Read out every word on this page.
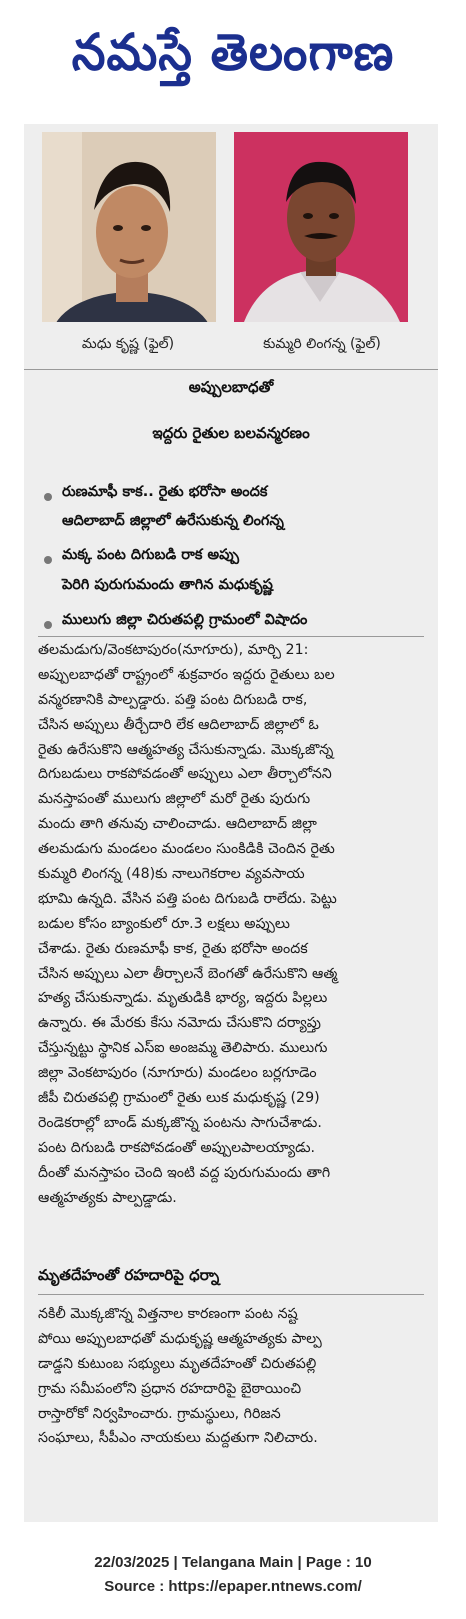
నమస్తే తెలంగాణ
మధు కృష్ణ (ఫైల్)	కుమ్మరి లింగన్న (ఫైల్)
అప్పులబాధతో
ఇద్దరు రైతుల బలవన్మరణం
రుణమాఫీ కాక.. రైతు భరోసా అందక
ఆదిలాబాద్ జిల్లాలో ఉరేసుకున్న లింగన్న
మక్క పంట దిగుబడి రాక అప్పు
పెరిగి పురుగుమందు తాగిన మధుకృష్ణ
ములుగు జిల్లా చిరుతపల్లి గ్రామంలో విషాదం
తలమడుగు/వెంకటాపురం(నూగూరు), మార్చి 21:
అప్పులబాధతో రాష్ట్రంలో శుక్రవారం ఇద్దరు రైతులు బల
వన్మరణానికి పాల్పడ్డారు. పత్తి పంట దిగుబడి రాక,
చేసిన అప్పులు తీర్చేదారి లేక ఆదిలాబాద్ జిల్లాలో ఓ
రైతు ఉరేసుకొని ఆత్మహత్య చేసుకున్నాడు. మొక్కజొన్న
దిగుబడులు రాకపోవడంతో అప్పులు ఎలా తీర్చాలోనని
మనస్తాపంతో ములుగు జిల్లాలో మరో రైతు పురుగు
మందు తాగి తనువు చాలించాడు. ఆదిలాబాద్ జిల్లా
తలమడుగు మండలం మండలం సుంకిడికి చెందిన రైతు
కుమ్మరి లింగన్న (48)కు నాలుగెకరాల వ్యవసాయ
భూమి ఉన్నది. వేసిన పత్తి పంట దిగుబడి రాలేదు. పెట్టు
బడుల కోసం బ్యాంకులో రూ.3 లక్షలు అప్పులు
చేశాడు. రైతు రుణమాఫీ కాక, రైతు భరోసా అందక
చేసిన అప్పులు ఎలా తీర్చాలనే బెంగతో ఉరేసుకొని ఆత్మ
హత్య చేసుకున్నాడు. మృతుడికి భార్య, ఇద్దరు పిల్లలు
ఉన్నారు. ఈ మేరకు కేసు నమోదు చేసుకొని దర్యాప్తు
చేస్తున్నట్టు స్థానిక ఎస్ఐ అంజమ్మ తెలిపారు. ములుగు
జిల్లా వెంకటాపురం (నూగూరు) మండలం బర్లగూడెం
జీపీ చిరుతపల్లి గ్రామంలో రైతు లుక మధుకృష్ణ (29)
రెండెకరాల్లో బాండ్ మక్కజొన్న పంటను సాగుచేశాడు.
పంట దిగుబడి రాకపోవడంతో అప్పులపాలయ్యాడు.
దీంతో మనస్తాపం చెంది ఇంటి వద్ద పురుగుమందు తాగి
ఆత్మహత్యకు పాల్పడ్డాడు.
మృతదేహంతో రహదారిపై ధర్నా
నకిలీ మొక్కజొన్న విత్తనాల కారణంగా పంట నష్ట
పోయి అప్పులబాధతో మధుకృష్ణ ఆత్మహత్యకు పాల్ప
డాడ్డని కుటుంబ సభ్యులు మృతదేహంతో చిరుతపల్లి
గ్రామ సమీపంలోని ప్రధాన రహదారిపై బైఠాయించి
రాస్తారోకో నిర్వహించారు. గ్రామస్థులు, గిరిజన
సంఘాలు, సీపీఎం నాయకులు మద్దతుగా నిలిచారు.
22/03/2025 | Telangana Main | Page : 10
Source : https://epaper.ntnews.com/
